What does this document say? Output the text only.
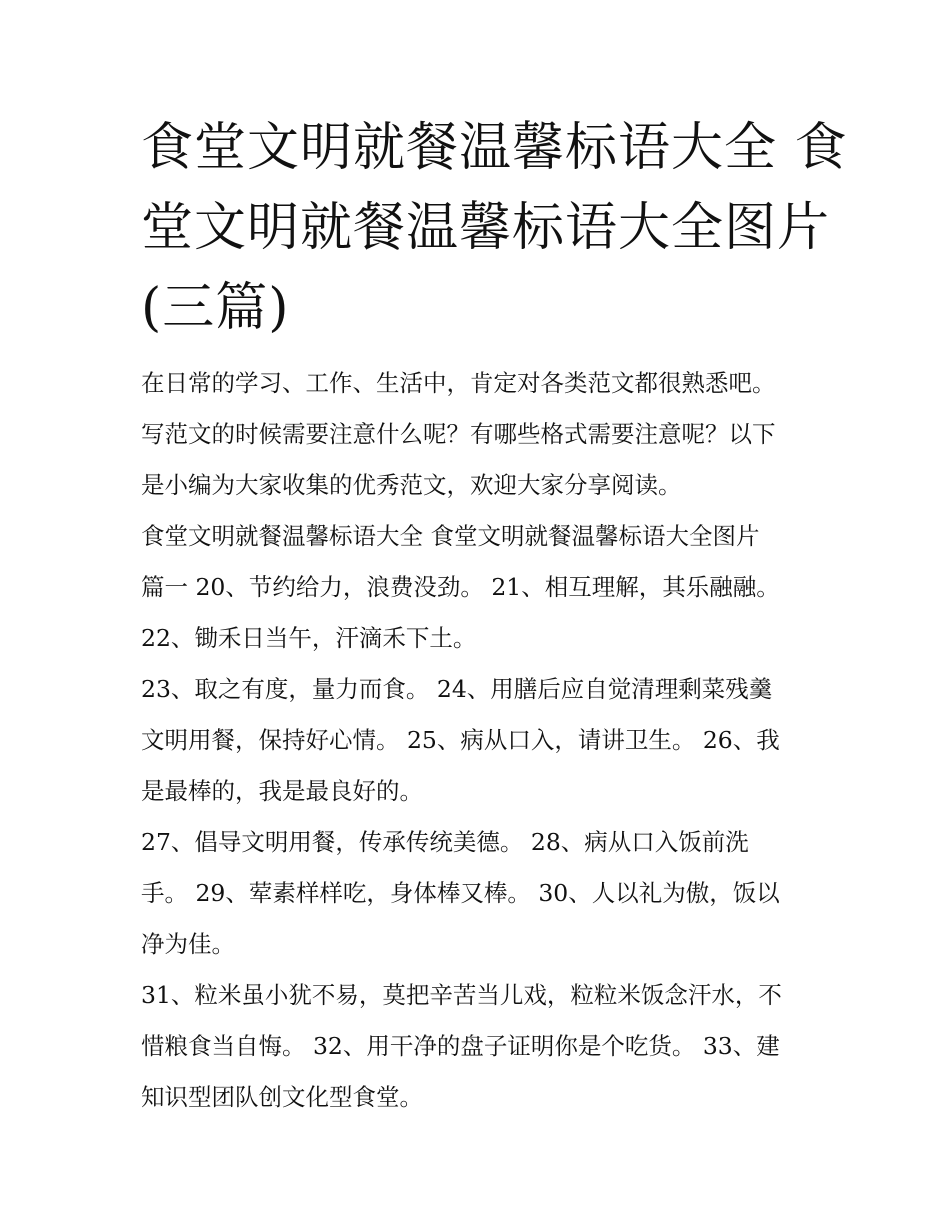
食堂文明就餐温馨标语大全 食
堂文明就餐温馨标语大全图片
(三篇)
在日常的学习、工作、生活中，肯定对各类范文都很熟悉吧。
写范文的时候需要注意什么呢？有哪些格式需要注意呢？以下
是小编为大家收集的优秀范文，欢迎大家分享阅读。
食堂文明就餐温馨标语大全 食堂文明就餐温馨标语大全图片
篇一 20、节约给力，浪费没劲。 21、相互理解，其乐融融。
22、锄禾日当午，汗滴禾下土。
23、取之有度，量力而食。 24、用膳后应自觉清理剩菜残羹
文明用餐，保持好心情。 25、病从口入，请讲卫生。 26、我
是最棒的，我是最良好的。
27、倡导文明用餐，传承传统美德。 28、病从口入饭前洗
手。 29、荤素样样吃，身体棒又棒。 30、人以礼为傲，饭以
净为佳。
31、粒米虽小犹不易，莫把辛苦当儿戏，粒粒米饭念汗水，不
惜粮食当自悔。 32、用干净的盘子证明你是个吃货。 33、建
知识型团队创文化型食堂。
